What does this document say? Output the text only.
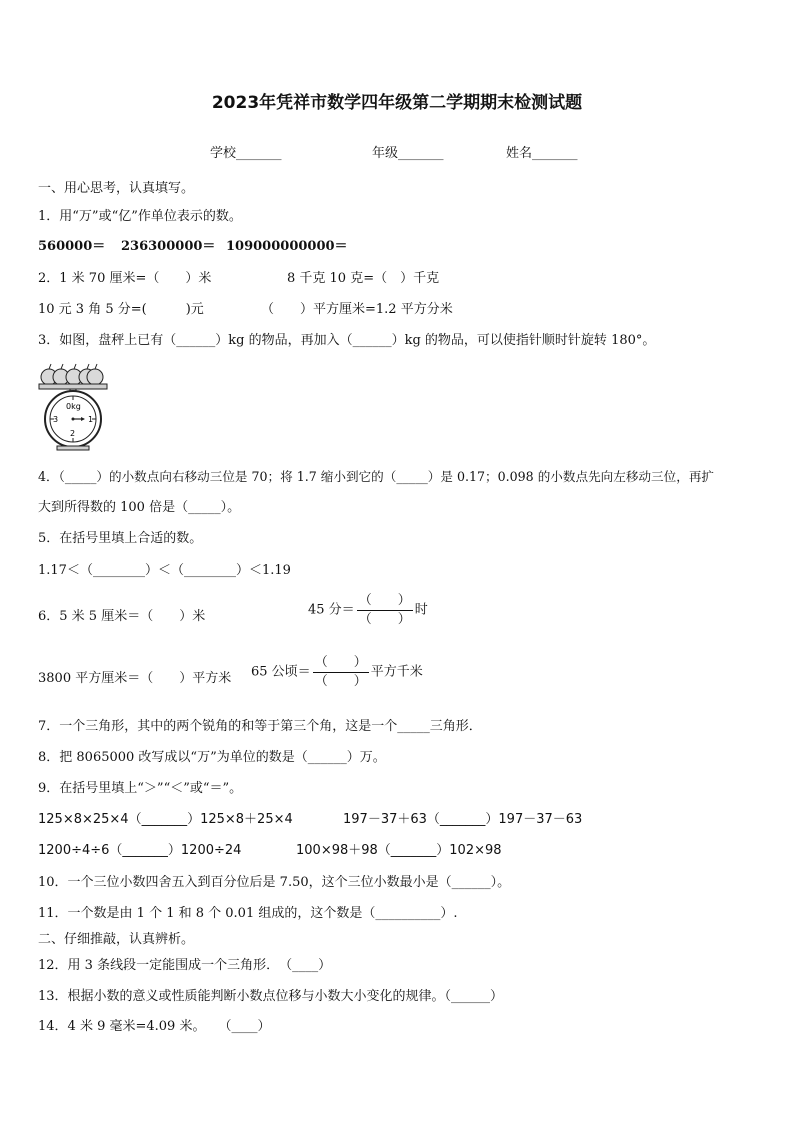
2023年凭祥市数学四年级第二学期期末检测试题
学校_______	年级_______	姓名_______
一、用心思考，认真填写。
1．用“万”或“亿”作单位表示的数。
560000＝ 236300000＝ 109000000000＝
2．1 米 70 厘米=（　　）米	8 千克 10 克=（　）千克
10 元 3 角 5 分=(　　　)元	（　　）平方厘米=1.2 平方分米
3．如图，盘秤上已有（______）kg 的物品，再加入（______）kg 的物品，可以使指针顺时针旋转 180°。
0kg
1
2
3
4．（_____）的小数点向右移动三位是 70；将 1.7 缩小到它的（_____）是 0.17；0.098 的小数点先向左移动三位，再扩
大到所得数的 100 倍是（_____）。
5．在括号里填上合适的数。
1.17＜（________）＜（________）＜1.19
6．5 米 5 厘米＝（　　）米	45 分＝ $\frac{( )}{( )}$ 时
3800 平方厘米＝（　　）平方米 65 公顷＝ $\frac{( )}{( )}$ 平方千米
7．一个三角形，其中的两个锐角的和等于第三个角，这是一个_____三角形．
8．把 8065000 改写成以“万”为单位的数是（______）万。
9．在括号里填上“＞”“＜”或“＝”。
125×8×25×4（_______）125×8＋25×4	197－37＋63（_______）197－37－63
1200÷4÷6（_______）1200÷24	100×98＋98（_______）102×98
10．一个三位小数四舍五入到百分位后是 7.50，这个三位小数最小是（______）。
11．一个数是由 1 个 1 和 8 个 0.01 组成的，这个数是（__________）.
二、仔细推敲，认真辨析。
12．用 3 条线段一定能围成一个三角形．　（____）
13．根据小数的意义或性质能判断小数点位移与小数大小变化的规律。（______）
14．4 米 9 毫米=4.09 米。　　（____）
